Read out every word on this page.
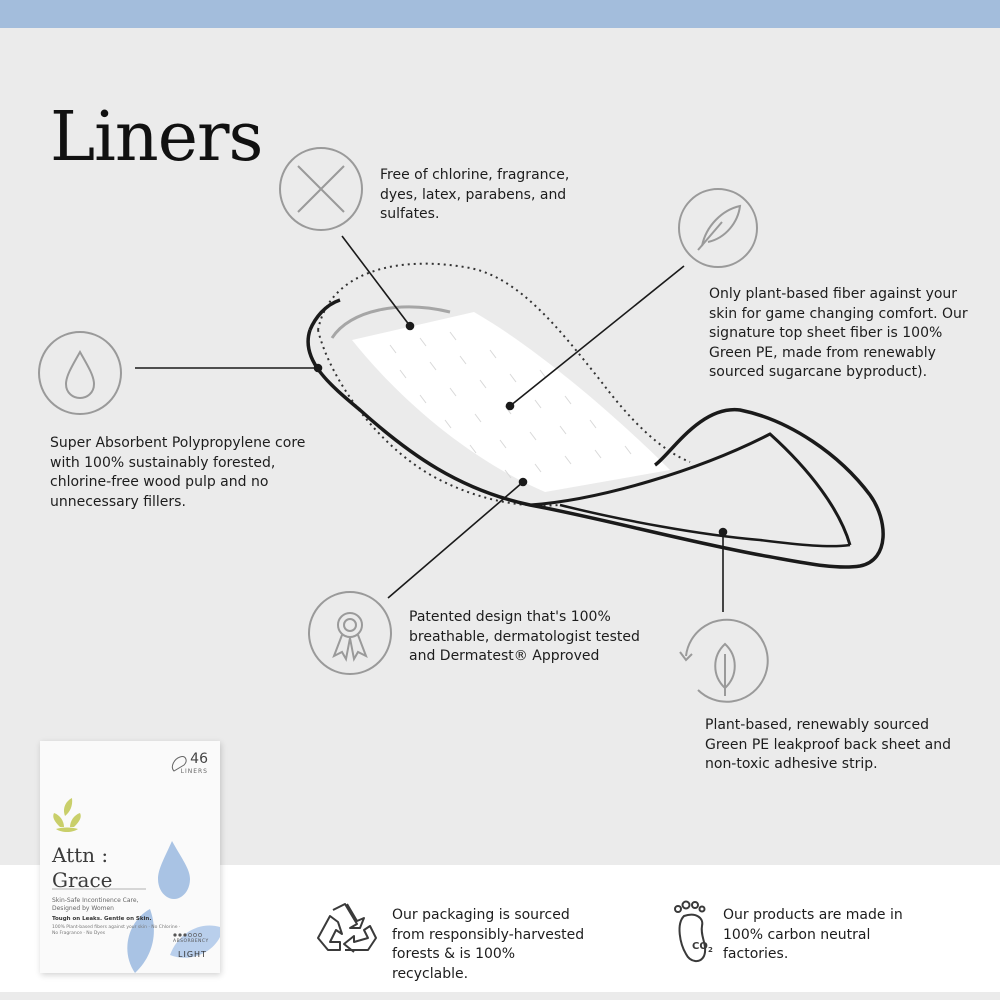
Liners
CO 2
Free of chlorine, fragrance, dyes, latex, parabens, and sulfates.
Only plant-based fiber against your skin for game changing comfort. Our signature top sheet fiber is 100% Green PE, made from renewably sourced sugarcane byproduct).
Super Absorbent Polypropylene core with 100% sustainably forested, chlorine-free wood pulp and no unnecessary fillers.
Patented design that's 100% breathable, dermatologist tested and Dermatest® Approved
Plant-based, renewably sourced Green PE leakproof back sheet and non-toxic adhesive strip.
Our packaging is sourced from responsibly-harvested forests & is 100% recyclable.
Our products are made in 100% carbon neutral factories.
46
LINERS
Attn :
Grace
Skin-Safe Incontinence Care, Designed by Women
Tough on Leaks. Gentle on Skin.
100% Plant-based fibers against your skin · No Chlorine · No Fragrance · No Dyes
ABSORBENCY
LIGHT
